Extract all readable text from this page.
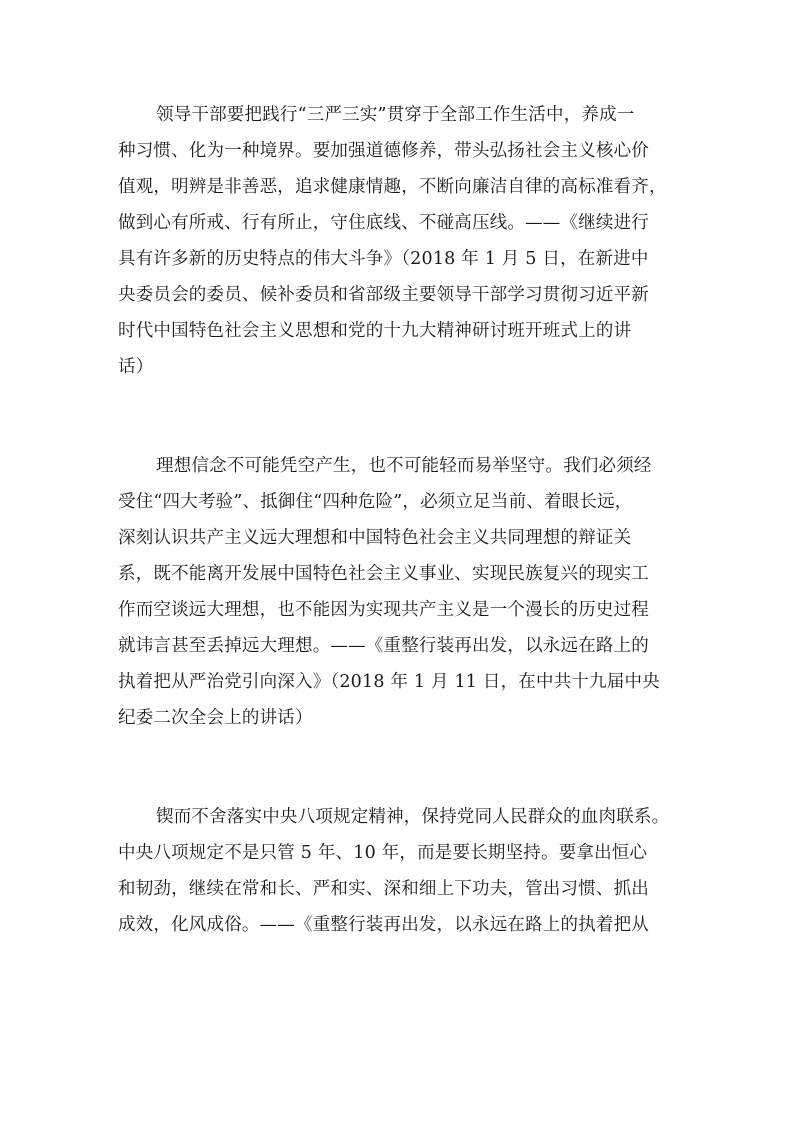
领导干部要把践行“三严三实”贯穿于全部工作生活中，养成一
种习惯、化为一种境界。要加强道德修养，带头弘扬社会主义核心价
值观，明辨是非善恶，追求健康情趣，不断向廉洁自律的高标准看齐，
做到心有所戒、行有所止，守住底线、不碰高压线。——《继续进行
具有许多新的历史特点的伟大斗争》（2018 年 1 月 5 日，在新进中
央委员会的委员、候补委员和省部级主要领导干部学习贯彻习近平新
时代中国特色社会主义思想和党的十九大精神研讨班开班式上的讲
话）
理想信念不可能凭空产生，也不可能轻而易举坚守。我们必须经
受住“四大考验”、抵御住“四种危险”，必须立足当前、着眼长远，
深刻认识共产主义远大理想和中国特色社会主义共同理想的辩证关
系，既不能离开发展中国特色社会主义事业、实现民族复兴的现实工
作而空谈远大理想，也不能因为实现共产主义是一个漫长的历史过程
就讳言甚至丢掉远大理想。——《重整行装再出发，以永远在路上的
执着把从严治党引向深入》（2018 年 1 月 11 日，在中共十九届中央
纪委二次全会上的讲话）
锲而不舍落实中央八项规定精神，保持党同人民群众的血肉联系。
中央八项规定不是只管 5 年、10 年，而是要长期坚持。要拿出恒心
和韧劲，继续在常和长、严和实、深和细上下功夫，管出习惯、抓出
成效，化风成俗。——《重整行装再出发，以永远在路上的执着把从
